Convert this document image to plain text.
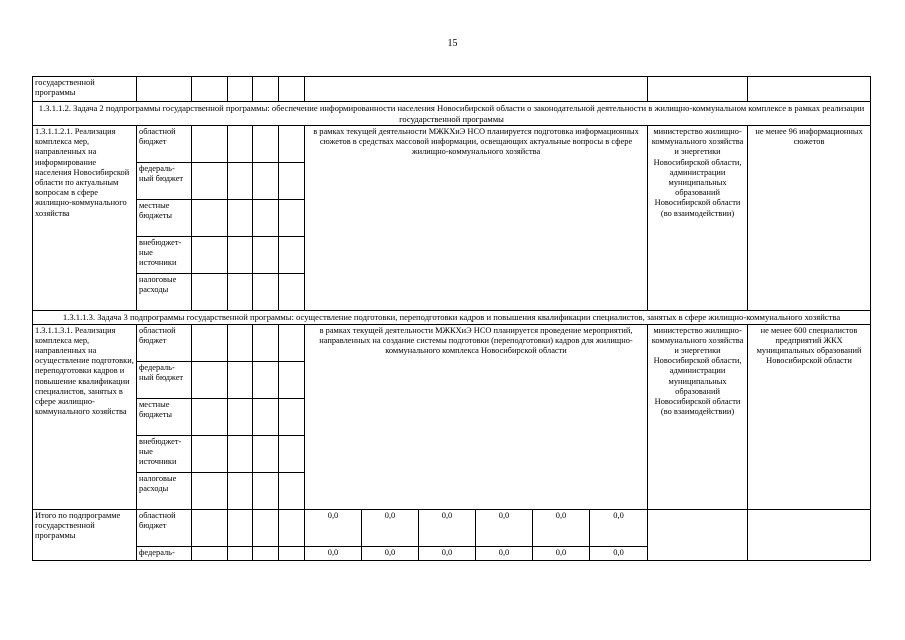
15
государственной программы													
1.3.1.1.2. Задача 2 подпрограммы государственной программы: обеспечение информированности населения Новосибирской области о законодательной деятельности в жилищно-коммунальном комплексе в рамках реализации государственной программы													
1.3.1.1.2.1. Реализация комплекса мер, направленных на информирование населения Новосибирской области по актуальным вопросам в сфере жилищно-коммунального хозяйства	областной бюджет					в рамках текущей деятельности МЖКХиЭ НСО планируется подготовка информационных сюжетов в средствах массовой информации, освещающих актуальные вопросы в сфере жилищно-коммунального хозяйства						министерство жилищно-коммунального хозяйства и энергетики Новосибирской области, администрации муниципальных образований Новосибирской области (во взаимодействии)	не менее 96 информационных сюжетов
	федераль-ный бюджет												
	местные бюджеты												
	внебюджет-ные источники												
	налоговые расходы												
1.3.1.1.3. Задача 3 подпрограммы государственной программы: осуществление подготовки, переподготовки кадров и повышения квалификации специалистов, занятых в сфере жилищно-коммунального хозяйства													
1.3.1.1.3.1. Реализация комплекса мер, направленных на осуществление подготовки, переподготовки кадров и повышение квалификации специалистов, занятых в сфере жилищно-коммунального хозяйства	областной бюджет					в рамках текущей деятельности МЖКХиЭ НСО планируется проведение мероприятий, направленных на создание системы подготовки (переподготовки) кадров для жилищно-коммунального комплекса Новосибирской области						министерство жилищно-коммунального хозяйства и энергетики Новосибирской области, администрации муниципальных образований Новосибирской области (во взаимодействии)	не менее 600 специалистов предприятий ЖКХ муниципальных образований Новосибирской области
	федераль-ный бюджет												
	местные бюджеты												
	внебюджет-ные источники												
	налоговые расходы												
Итого по подпрограмме государственной программы	областной бюджет					0,0	0,0	0,0	0,0	0,0	0,0		
	федераль-					0,0	0,0	0,0	0,0	0,0	0,0		
